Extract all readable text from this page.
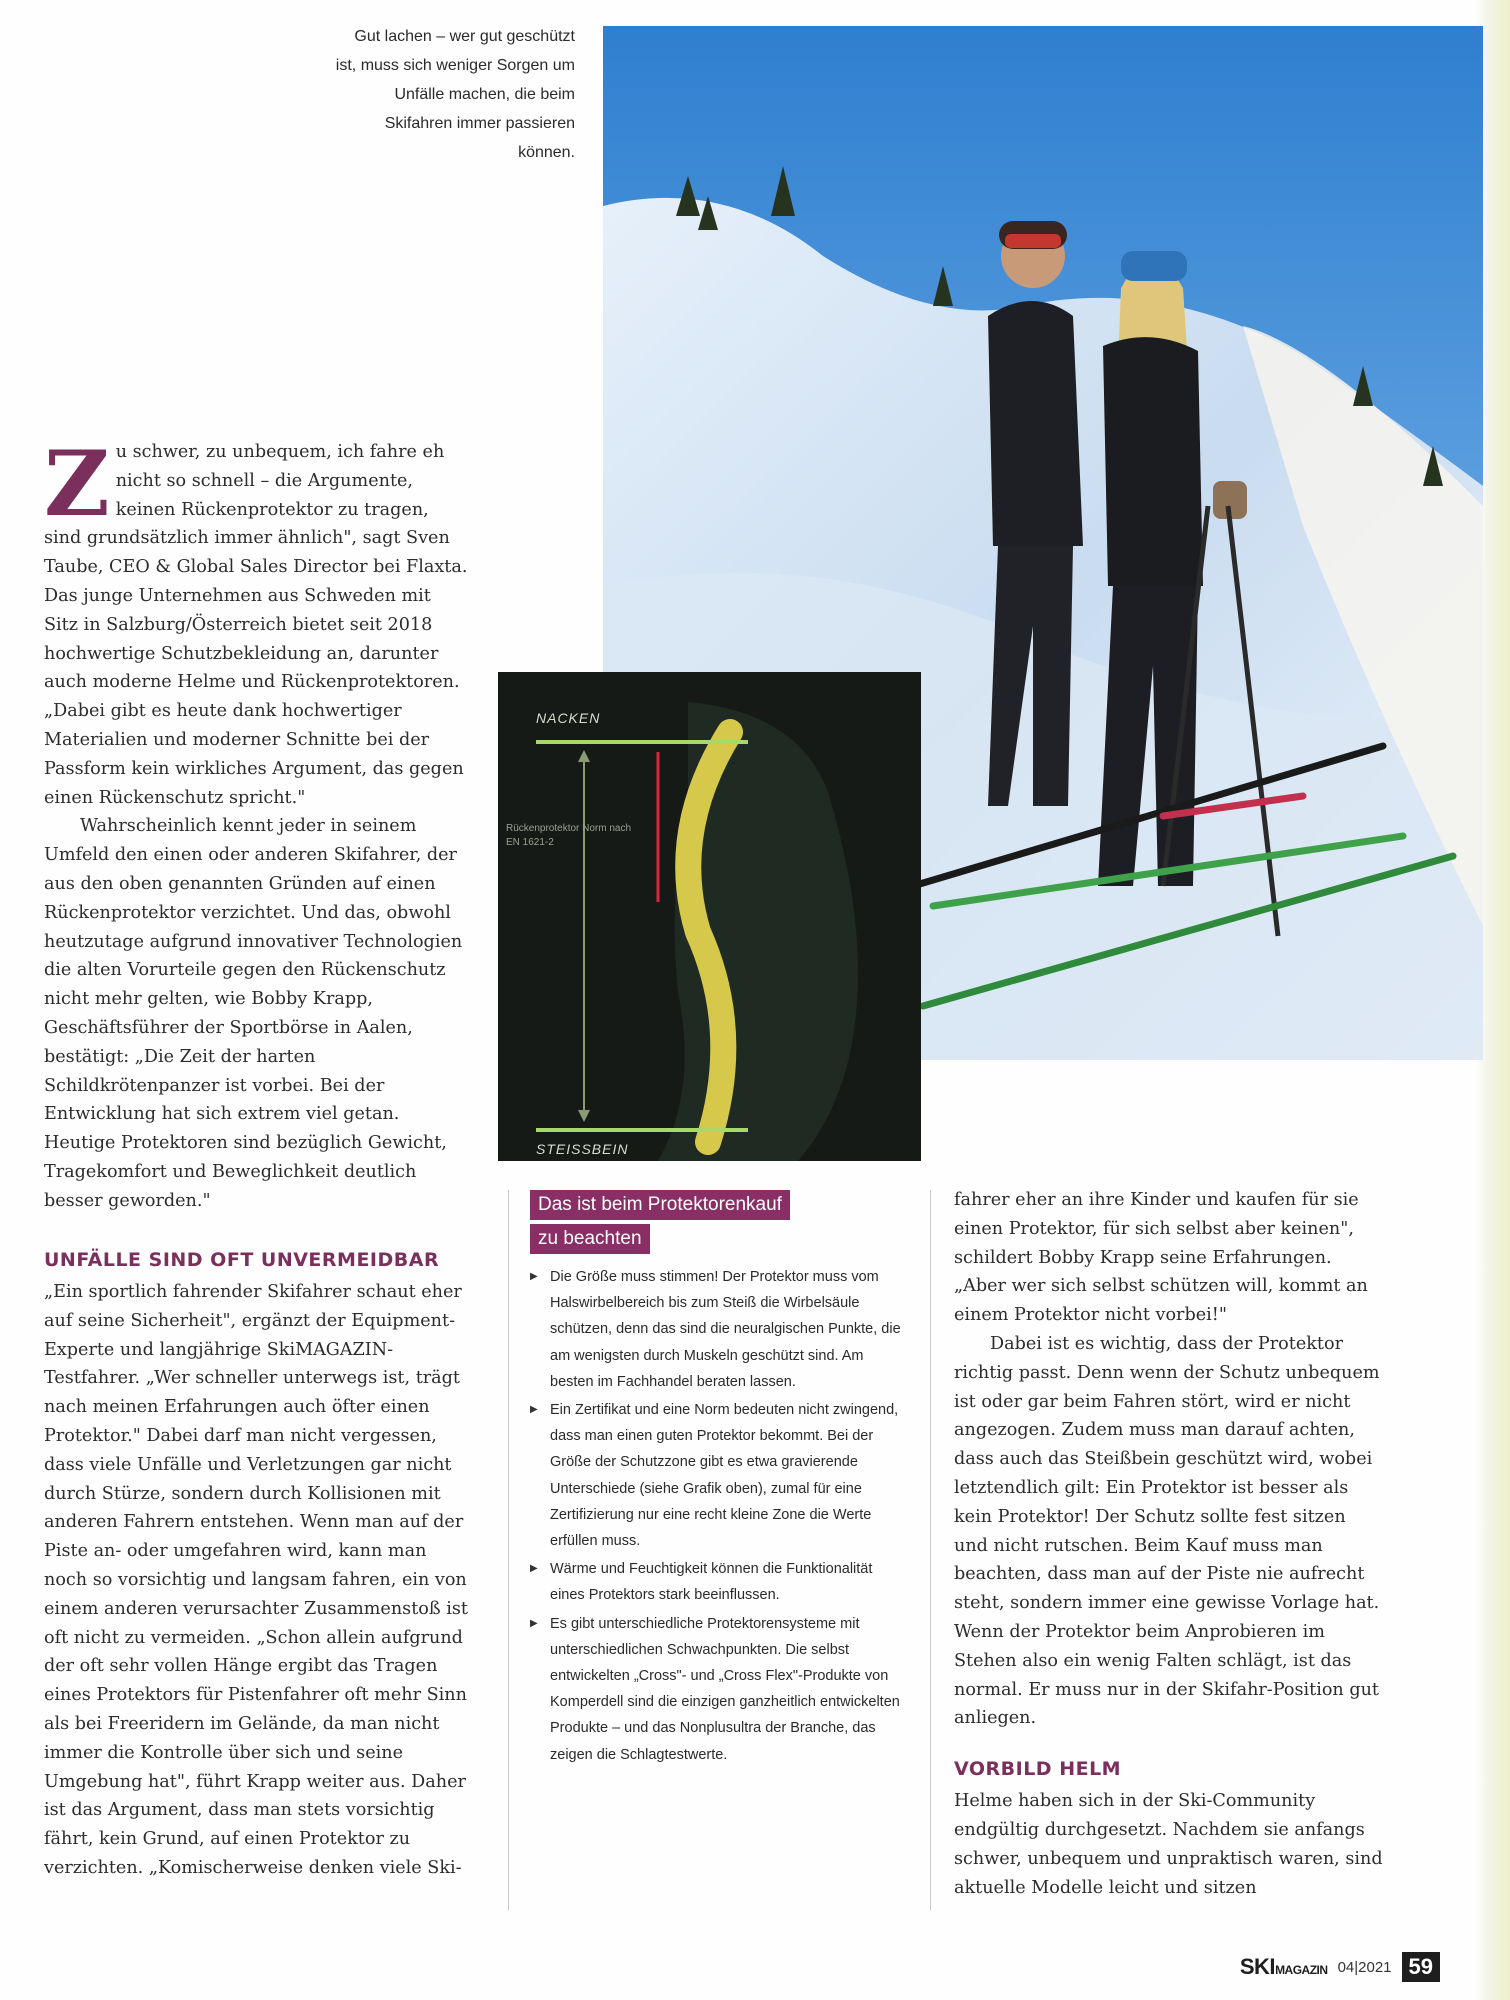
Gut lachen – wer gut geschützt ist, muss sich weniger Sorgen um Unfälle machen, die beim Skifahren immer passieren können.
NACKEN
STEISSBEIN
Rückenprotektor Norm nach EN 1621-2

Zu schwer, zu unbequem, ich fahre eh nicht so schnell – die Argumente, keinen Rückenprotektor zu tragen, sind grundsätzlich immer ähnlich", sagt Sven Taube, CEO & Global Sales Director bei Flaxta. Das junge Unternehmen aus Schweden mit Sitz in Salzburg/Österreich bietet seit 2018 hochwertige Schutzbekleidung an, darunter auch moderne Helme und Rückenprotektoren. „Dabei gibt es heute dank hochwertiger Materialien und moderner Schnitte bei der Passform kein wirkliches Argument, das gegen einen Rückenschutz spricht."

Wahrscheinlich kennt jeder in seinem Umfeld den einen oder anderen Skifahrer, der aus den oben genannten Gründen auf einen Rückenprotektor verzichtet. Und das, obwohl heutzutage aufgrund innovativer Technologien die alten Vorurteile gegen den Rückenschutz nicht mehr gelten, wie Bobby Krapp, Geschäftsführer der Sportbörse in Aalen, bestätigt: „Die Zeit der harten Schildkrötenpanzer ist vorbei. Bei der Entwicklung hat sich extrem viel getan. Heutige Protektoren sind bezüglich Gewicht, Tragekomfort und Beweglichkeit deutlich besser geworden."

UNFÄLLE SIND OFT UNVERMEIDBAR

„Ein sportlich fahrender Skifahrer schaut eher auf seine Sicherheit", ergänzt der Equipment-Experte und langjährige SkiMAGAZIN-Testfahrer. „Wer schneller unterwegs ist, trägt nach meinen Erfahrungen auch öfter einen Protektor." Dabei darf man nicht vergessen, dass viele Unfälle und Verletzungen gar nicht durch Stürze, sondern durch Kollisionen mit anderen Fahrern entstehen. Wenn man auf der Piste an- oder umgefahren wird, kann man noch so vorsichtig und langsam fahren, ein von einem anderen verursachter Zusammenstoß ist oft nicht zu vermeiden. „Schon allein aufgrund der oft sehr vollen Hänge ergibt das Tragen eines Protektors für Pistenfahrer oft mehr Sinn als bei Freeridern im Gelände, da man nicht immer die Kontrolle über sich und seine Umgebung hat", führt Krapp weiter aus. Daher ist das Argument, dass man stets vorsichtig fährt, kein Grund, auf einen Protektor zu verzichten. „Komischerweise denken viele Ski-

Das ist beim Protektorenkauf
zu beachten
▶ Die Größe muss stimmen! Der Protektor muss vom Halswirbelbereich bis zum Steiß die Wirbelsäule schützen, denn das sind die neuralgischen Punkte, die am wenigsten durch Muskeln geschützt sind. Am besten im Fachhandel beraten lassen.
▶ Ein Zertifikat und eine Norm bedeuten nicht zwingend, dass man einen guten Protektor bekommt. Bei der Größe der Schutzzone gibt es etwa gravierende Unterschiede (siehe Grafik oben), zumal für eine Zertifizierung nur eine recht kleine Zone die Werte erfüllen muss.
▶ Wärme und Feuchtigkeit können die Funktionalität eines Protektors stark beeinflussen.
▶ Es gibt unterschiedliche Protektorensysteme mit unterschiedlichen Schwachpunkten. Die selbst entwickelten „Cross"- und „Cross Flex"-Produkte von Komperdell sind die einzigen ganzheitlich entwickelten Produkte – und das Nonplusultra der Branche, das zeigen die Schlagtestwerte.

fahrer eher an ihre Kinder und kaufen für sie einen Protektor, für sich selbst aber keinen", schildert Bobby Krapp seine Erfahrungen. „Aber wer sich selbst schützen will, kommt an einem Protektor nicht vorbei!"

Dabei ist es wichtig, dass der Protektor richtig passt. Denn wenn der Schutz unbequem ist oder gar beim Fahren stört, wird er nicht angezogen. Zudem muss man darauf achten, dass auch das Steißbein geschützt wird, wobei letztendlich gilt: Ein Protektor ist besser als kein Protektor! Der Schutz sollte fest sitzen und nicht rutschen. Beim Kauf muss man beachten, dass man auf der Piste nie aufrecht steht, sondern immer eine gewisse Vorlage hat. Wenn der Protektor beim Anprobieren im Stehen also ein wenig Falten schlägt, ist das normal. Er muss nur in der Skifahr-Position gut anliegen.

VORBILD HELM

Helme haben sich in der Ski-Community endgültig durchgesetzt. Nachdem sie anfangs schwer, unbequem und unpraktisch waren, sind aktuelle Modelle leicht und sitzen

SKIMAGAZIN 04|2021 59
